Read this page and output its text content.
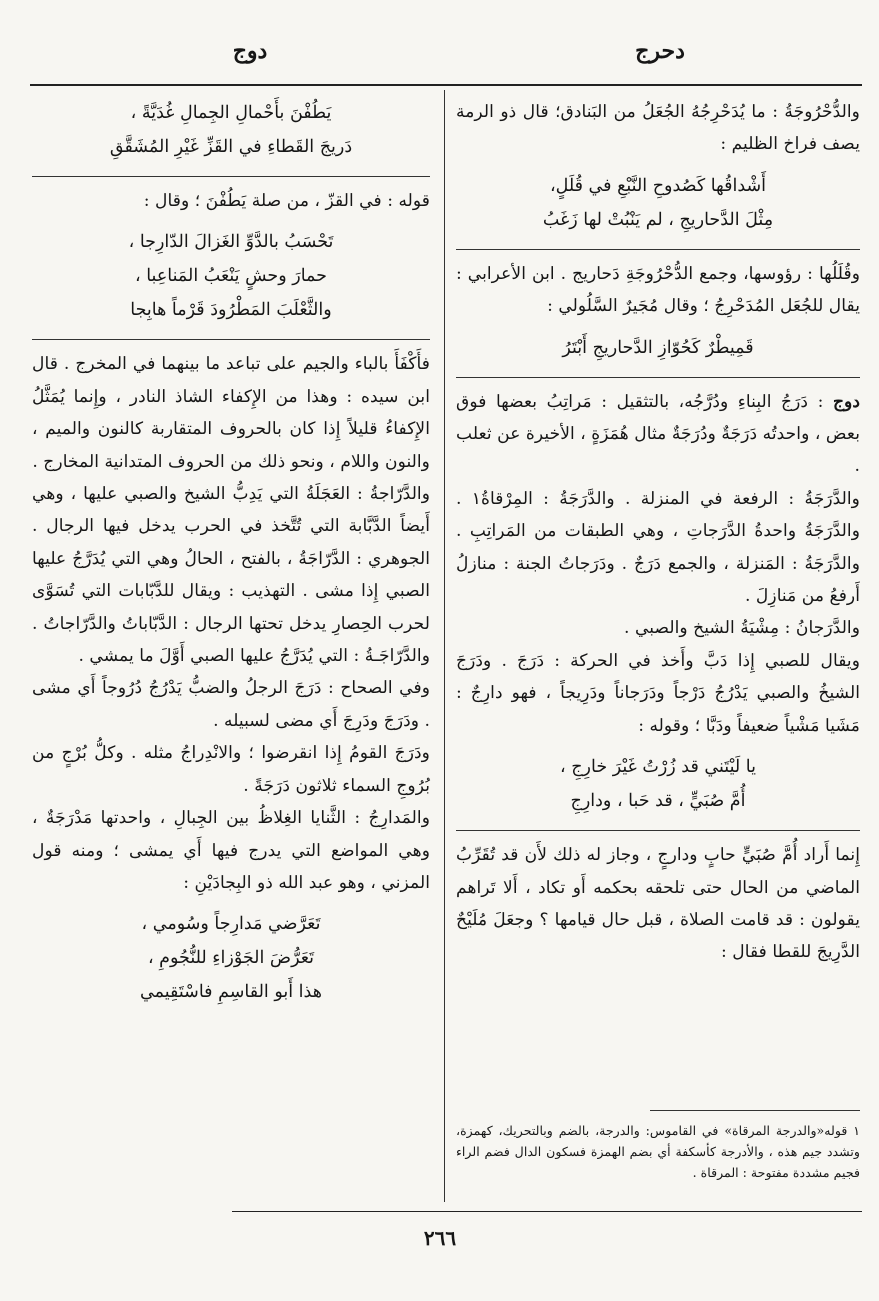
دحرج
دوج

والدُّحْرُوجَةُ : ما يُدَحْرِجُهُ الجُعَلُ من البَنادق؛ قال ذو الرمة يصف فراخ الظليم :

أَشْداقُها كَصُدوحِ النَّبْعِ في قُلَلٍ،

مِثْلَ الدَّحاريجِ ، لم يَنْبُتْ لها زَغَبُ

وقُلَلُها : رؤوسها، وجمع الدُّحْرُوجَةِ دَحاريج . ابن الأعرابي : يقال للجُعَل المُدَحْرِجُ ؛ وقال مُجَيرٌ السَّلُولي :

قَمِيطْرٌ كَحُوّازِ الدَّحاريجِ أَبْتَرُ

دوج : دَرَجُ البِناءِ ودُرَّجُه، بالتثقيل : مَراتِبُ بعضها فوق بعض ، واحدتُه دَرَجَةٌ ودُرَجَةٌ مثال هُمَزَةٍ ، الأخيرة عن ثعلب .

والدَّرَجَةُ : الرفعة في المنزلة . والدَّرَجَةُ : المِرْقاةُ١ . والدَّرَجَةُ واحدةُ الدَّرَجاتِ ، وهي الطبقات من المَراتِبِ . والدَّرَجَةُ : المَنزلة ، والجمع دَرَجٌ . ودَرَجاتُ الجنة : منازلُ أَرفعُ من مَنازِلَ .

والدَّرَجانُ : مِشْيَةُ الشيخ والصبي .

ويقال للصبي إِذا دَبَّ وأَخذ في الحركة : دَرَجَ . ودَرَجَ الشيخُ والصبي يَدْرُجُ دَرْجاً ودَرَجاناً ودَرِيجاً ، فهو دارِجٌ : مَشَيا مَشْياً ضعيفاً ودَبَّا ؛ وقوله :

يا لَيْتَني قد زُرْتُ غَيْرَ خارِجِ ،

أُمَّ صُبَيٍّ ، قد حَبا ، ودارِجِ

إِنما أَراد أُمَّ صُبَيٍّ حابٍ ودارجٍ ، وجاز له ذلك لأَن قد تُقَرِّبُ الماضي من الحال حتى تلحقه بحكمه أَو تكاد ، أَلا تَراهم يقولون : قد قامت الصلاة ، قبل حال قيامها ؟ وجعَلَ مُلَيْحٌ الدَّرِيجَ للقطا فقال :

١ قوله«والدرجة المرقاة» في القاموس: والدرجة، بالضم وبالتحريك، كهمزة، وتشدد جيم هذه ، والأدرجة كأسكفة أي بضم الهمزة فسكون الدال فضم الراء فجيم مشددة مفتوحة : المرقاة .

يَطُفْنَ بأَحْمالِ الجِمالِ غُدَيَّةً ،

دَريجَ القَطاءِ في القَزِّ غَيْرِ المُشَقَّقِ

قوله : في القزّ ، من صلة يَطُفْنَ ؛ وقال :

تَحْسَبُ بالدَّوِّ الغَزالَ الدّارِجا ،

حمارَ وحشٍ يَنْعَبُ المَناعِبا ،

والثَّعْلَبَ المَطْرُودَ قَرْماً هابِجا

فأَكْفَأَ بالباء والجيم على تباعد ما بينهما في المخرج . قال ابن سيده : وهذا من الإِكفاء الشاذ النادر ، وإِنما يُمَثَّلُ الإِكفاءُ قليلاً إِذا كان بالحروف المتقاربة كالنون والميم ، والنون واللام ، ونحو ذلك من الحروف المتدانية المخارج .

والدَّرّاجةُ : العَجَلَةُ التي يَدِبُّ الشيخ والصبي عليها ، وهي أَيضاً الدَّبَّابة التي تُتَّخذ في الحرب يدخل فيها الرجال . الجوهري : الدَّرّاجَةُ ، بالفتح ، الحالُ وهي التي يُدَرَّجُ عليها الصبي إِذا مشى . التهذيب : ويقال للدَّبّابات التي تُسَوَّى لحرب الحِصارِ يدخل تحتها الرجال : الدَّبّاباتُ والدَّرّاجاتُ . والدَّرّاجَـةُ : التي يُدَرَّجُ عليها الصبي أَوَّلَ ما يمشي .

وفي الصحاح : دَرَجَ الرجلُ والضبُّ يَدْرُجُ دُرُوجاً أَي مشى . ودَرَجَ ودَرِجَ أَي مضى لسبيله .

ودَرَجَ القومُ إِذا انقرضوا ؛ والانْدِراجُ مثله . وكلُّ بُرْجٍ من بُرُوجِ السماء ثلاثون دَرَجَةً .

والمَدارِجُ : الثَّنايا الغِلاظُ بين الجِبالِ ، واحدتها مَدْرَجَةٌ ، وهي المواضع التي يدرج فيها أَي يمشى ؛ ومنه قول المزني ، وهو عبد الله ذو البِجادَيْنِ :

تَعَرَّضي مَدارِجاً وسُومي ،

تَعَرُّضَ الجَوْزاءِ للنُّجُومِ ،

هذا أَبو القاسِمِ فاسْتَقِيمي

٢٦٦
